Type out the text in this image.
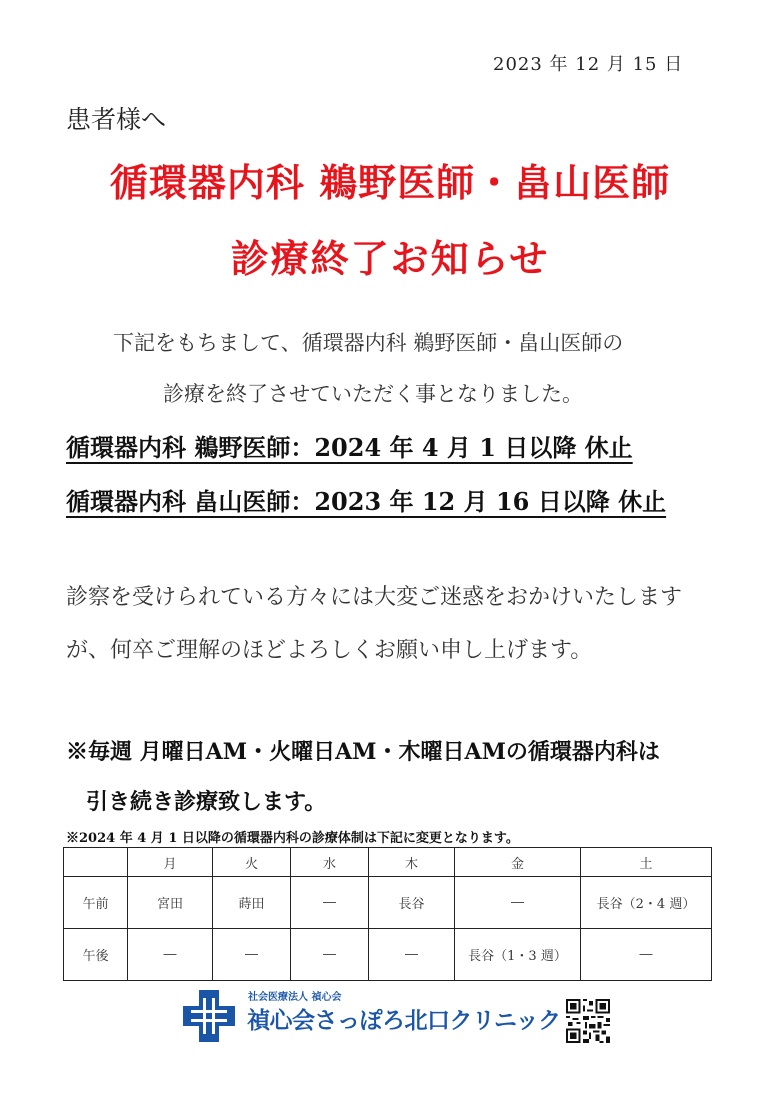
2023 年 12 月 15 日
患者様へ
循環器内科 鵜野医師・畠山医師
診療終了お知らせ
下記をもちまして、循環器内科 鵜野医師・畠山医師の
診療を終了させていただく事となりました。
循環器内科 鵜野医師：2024 年 4 月 1 日以降 休止
循環器内科 畠山医師：2023 年 12 月 16 日以降 休止
診察を受けられている方々には大変ご迷惑をおかけいたします
が、何卒ご理解のほどよろしくお願い申し上げます。
※毎週 月曜日AM・火曜日AM・木曜日AMの循環器内科は
引き続き診療致します。
※2024 年 4 月 1 日以降の循環器内科の診療体制は下記に変更となります。
	月	火	水	木	金	土
午前	宮田	蒔田	―	長谷	―	長谷（2・4 週）
午後	―	―	―	―	長谷（1・3 週）	―
社会医療法人 禎心会
禎心会さっぽろ北口クリニック
